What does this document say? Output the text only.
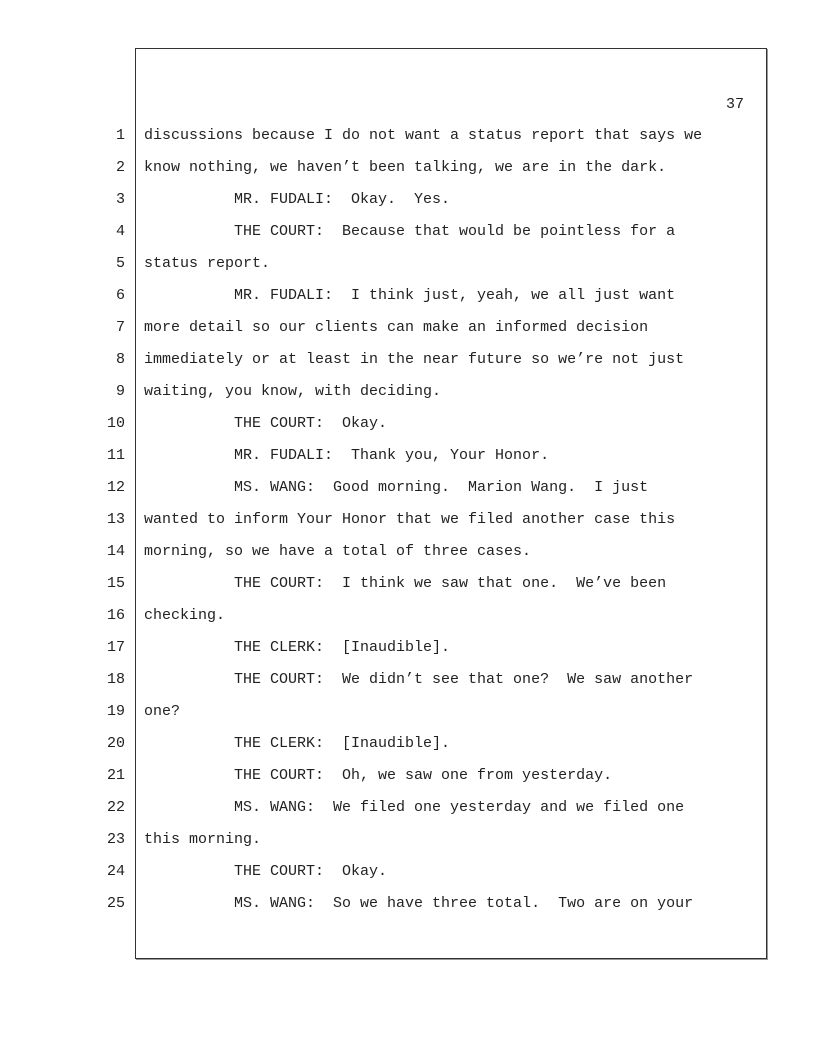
37
1 discussions because I do not want a status report that says we
2 know nothing, we haven’t been talking, we are in the dark.
3 MR. FUDALI:  Okay.  Yes.
4 THE COURT:  Because that would be pointless for a
5 status report.
6 MR. FUDALI:  I think just, yeah, we all just want
7 more detail so our clients can make an informed decision
8 immediately or at least in the near future so we’re not just
9 waiting, you know, with deciding.
10 THE COURT:  Okay.
11 MR. FUDALI:  Thank you, Your Honor.
12 MS. WANG:  Good morning.  Marion Wang.  I just
13 wanted to inform Your Honor that we filed another case this
14 morning, so we have a total of three cases.
15 THE COURT:  I think we saw that one.  We’ve been
16 checking.
17 THE CLERK:  [Inaudible].
18 THE COURT:  We didn’t see that one?  We saw another
19 one?
20 THE CLERK:  [Inaudible].
21 THE COURT:  Oh, we saw one from yesterday.
22 MS. WANG:  We filed one yesterday and we filed one
23 this morning.
24 THE COURT:  Okay.
25 MS. WANG:  So we have three total.  Two are on your
